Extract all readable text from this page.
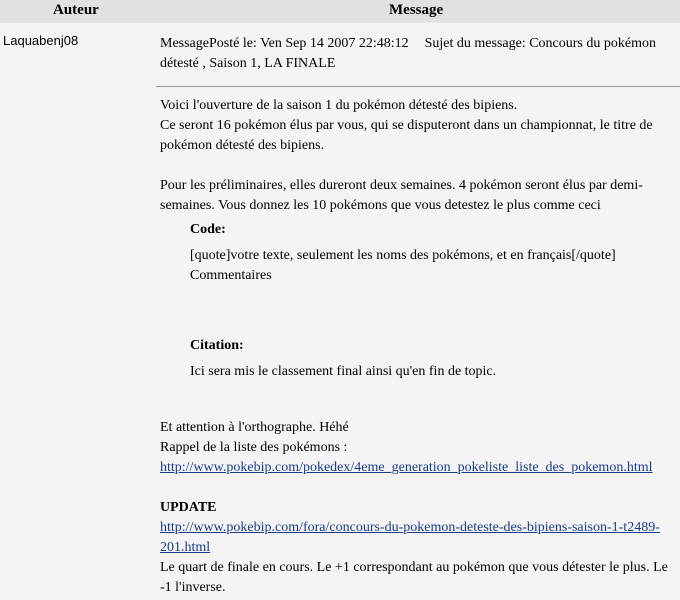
Auteur	Message
Laquabenj08	MessagePosté le: Ven Sep 14 2007 22:48:12 Sujet du message: Concours du pokémon détesté , Saison 1, LA FINALE

Voici l'ouverture de la saison 1 du pokémon détesté des bipiens.

Ce seront 16 pokémon élus par vous, qui se disputeront dans un championnat, le titre de pokémon détesté des bipiens.

Pour les préliminaires, elles dureront deux semaines. 4 pokémon seront élus par demi-semaines. Vous donnez les 10 pokémons que vous detestez le plus comme ceci

Code:

[quote]votre texte, seulement les noms des pokémons, et en français[/quote]

Commentaires

Citation:

Ici sera mis le classement final ainsi qu'en fin de topic.

Et attention à l'orthographe. Héhé

Rappel de la liste des pokémons : http://www.pokebip.com/pokedex/4eme_generation_pokeliste_liste_des_pokemon.html

UPDATE

http://www.pokebip.com/fora/concours-du-pokemon-deteste-des-bipiens-saison-1-t2489-201.html

Le quart de finale en cours. Le +1 correspondant au pokémon que vous détester le plus. Le -1 l'inverse.
